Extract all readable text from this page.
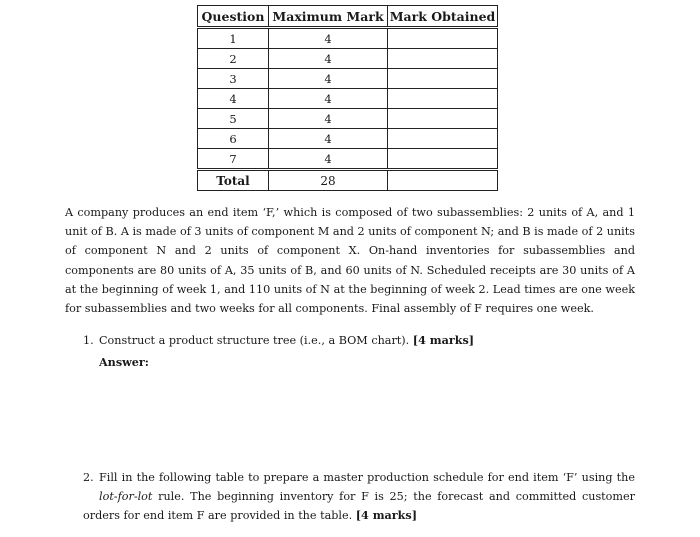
Question	Maximum Mark	Mark Obtained
1	4	
2	4	
3	4	
4	4	
5	4	
6	4	
7	4	
Total	28	

A company produces an end item ‘F,’ which is composed of two subassemblies: 2 units of A, and 1 unit of B. A is made of 3 units of component M and 2 units of component N; and B is made of 2 units of component N and 2 units of component X. On-hand inventories for subassemblies and components are 80 units of A, 35 units of B, and 60 units of N. Scheduled receipts are 30 units of A at the beginning of week 1, and 110 units of N at the beginning of week 2. Lead times are one week for subassemblies and two weeks for all components. Final assembly of F requires one week.

1. Construct a product structure tree (i.e., a BOM chart). [4 marks]

Answer:

2. Fill in the following table to prepare a master production schedule for end item ‘F’ using the lot-for-lot rule. The beginning inventory for F is 25; the forecast and committed customer orders for end item F are provided in the table. [4 marks]
